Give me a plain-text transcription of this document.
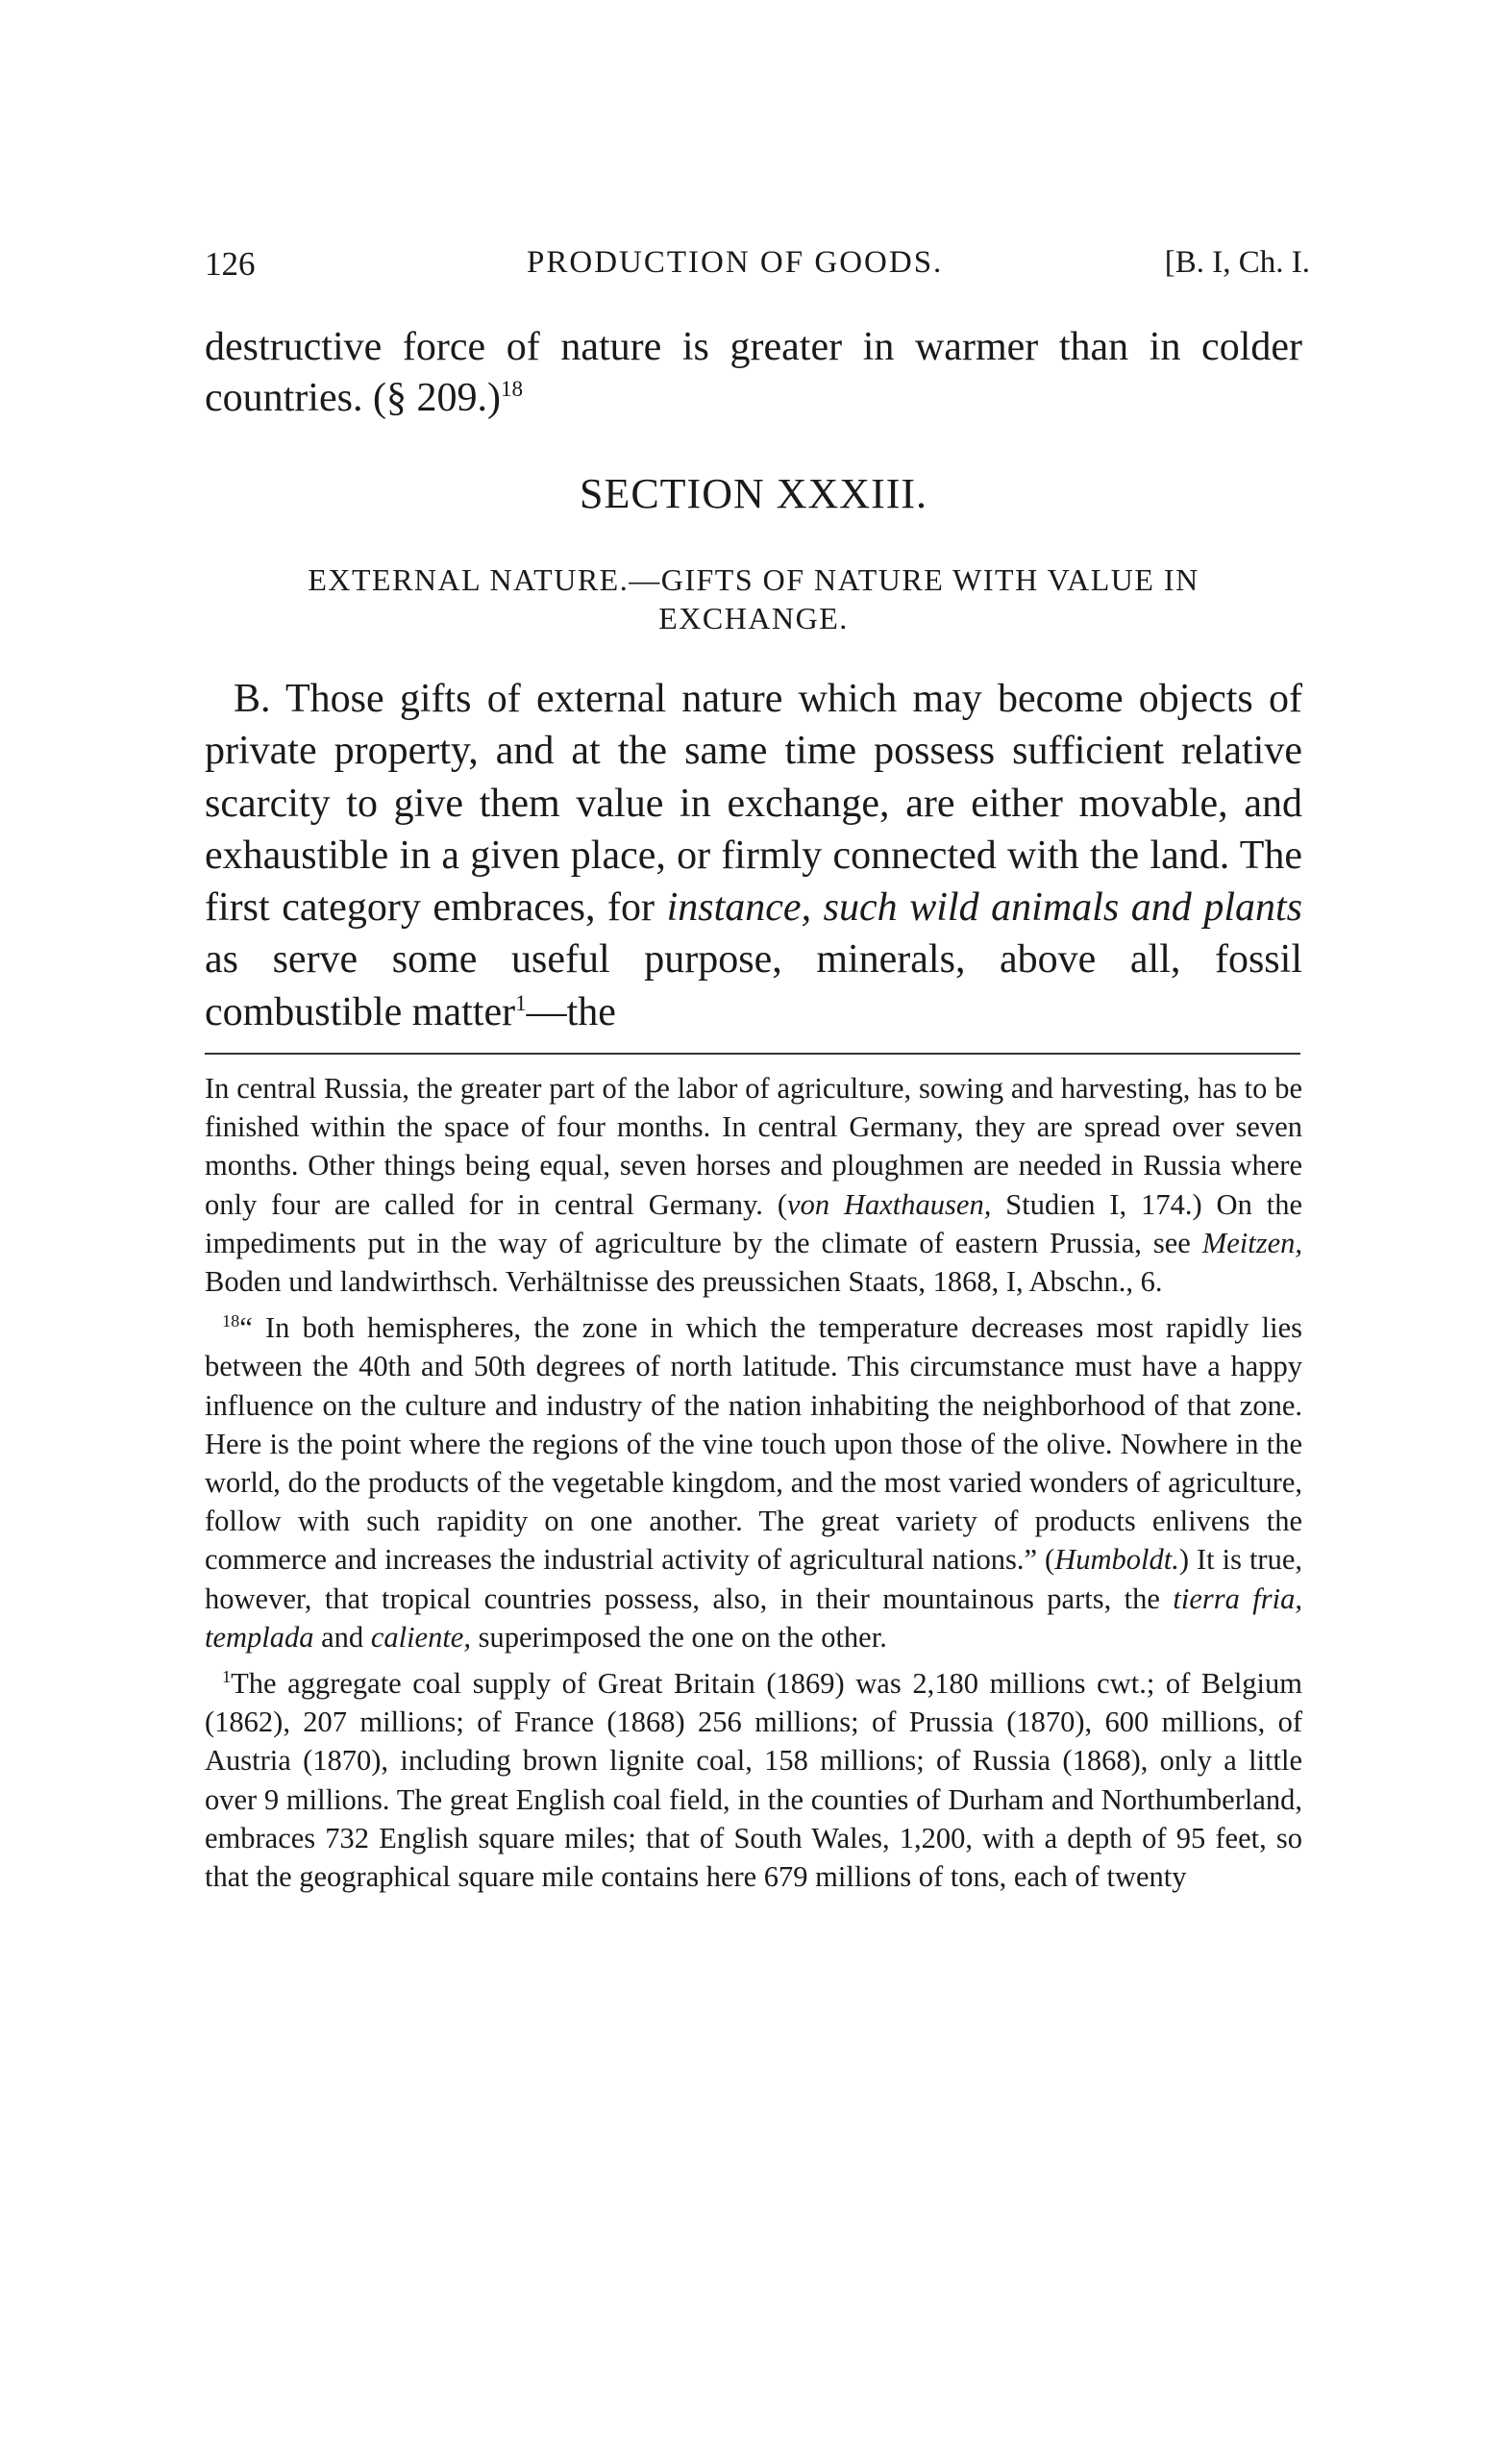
126	PRODUCTION OF GOODS.	[B. I, Ch. I.
destructive force of nature is greater in warmer than in colder
countries. (§ 209.)$^{18}$
SECTION XXXIII.
EXTERNAL NATURE.—GIFTS OF NATURE WITH VALUE IN
EXCHANGE.
B. Those gifts of external nature which may become objects of private property, and at the same time possess sufficient relative scarcity to give them value in exchange, are either movable, and exhaustible in a given place, or firmly connected with the land. The first category embraces, for instance, such wild animals and plants as serve some useful purpose, minerals, above all, fossil combustible matter$^1$—the

In central Russia, the greater part of the labor of agriculture, sowing and harvesting, has to be finished within the space of four months. In central Germany, they are spread over seven months. Other things being equal, seven horses and ploughmen are needed in Russia where only four are called for in central Germany. (von Haxthausen, Studien I, 174.) On the impediments put in the way of agriculture by the climate of eastern Prussia, see Meitzen, Boden und landwirthsch. Verhältnisse des preussichen Staats, 1868, I, Abschn., 6.

$^{18}$“ In both hemispheres, the zone in which the temperature decreases most rapidly lies between the 40th and 50th degrees of north latitude. This circumstance must have a happy influence on the culture and industry of the nation inhabiting the neighborhood of that zone. Here is the point where the regions of the vine touch upon those of the olive. Nowhere in the world, do the products of the vegetable kingdom, and the most varied wonders of agriculture, follow with such rapidity on one another. The great variety of products enlivens the commerce and increases the industrial activity of agricultural nations.” (Humboldt.) It is true, however, that tropical countries possess, also, in their mountainous parts, the tierra fria, templada and caliente, superimposed the one on the other.

$^1$The aggregate coal supply of Great Britain (1869) was 2,180 millions cwt.; of Belgium (1862), 207 millions; of France (1868) 256 millions; of Prussia (1870), 600 millions, of Austria (1870), including brown lignite coal, 158 millions; of Russia (1868), only a little over 9 millions. The great English coal field, in the counties of Durham and Northumberland, embraces 732 English square miles; that of South Wales, 1,200, with a depth of 95 feet, so that the geographical square mile contains here 679 millions of tons, each of twenty
